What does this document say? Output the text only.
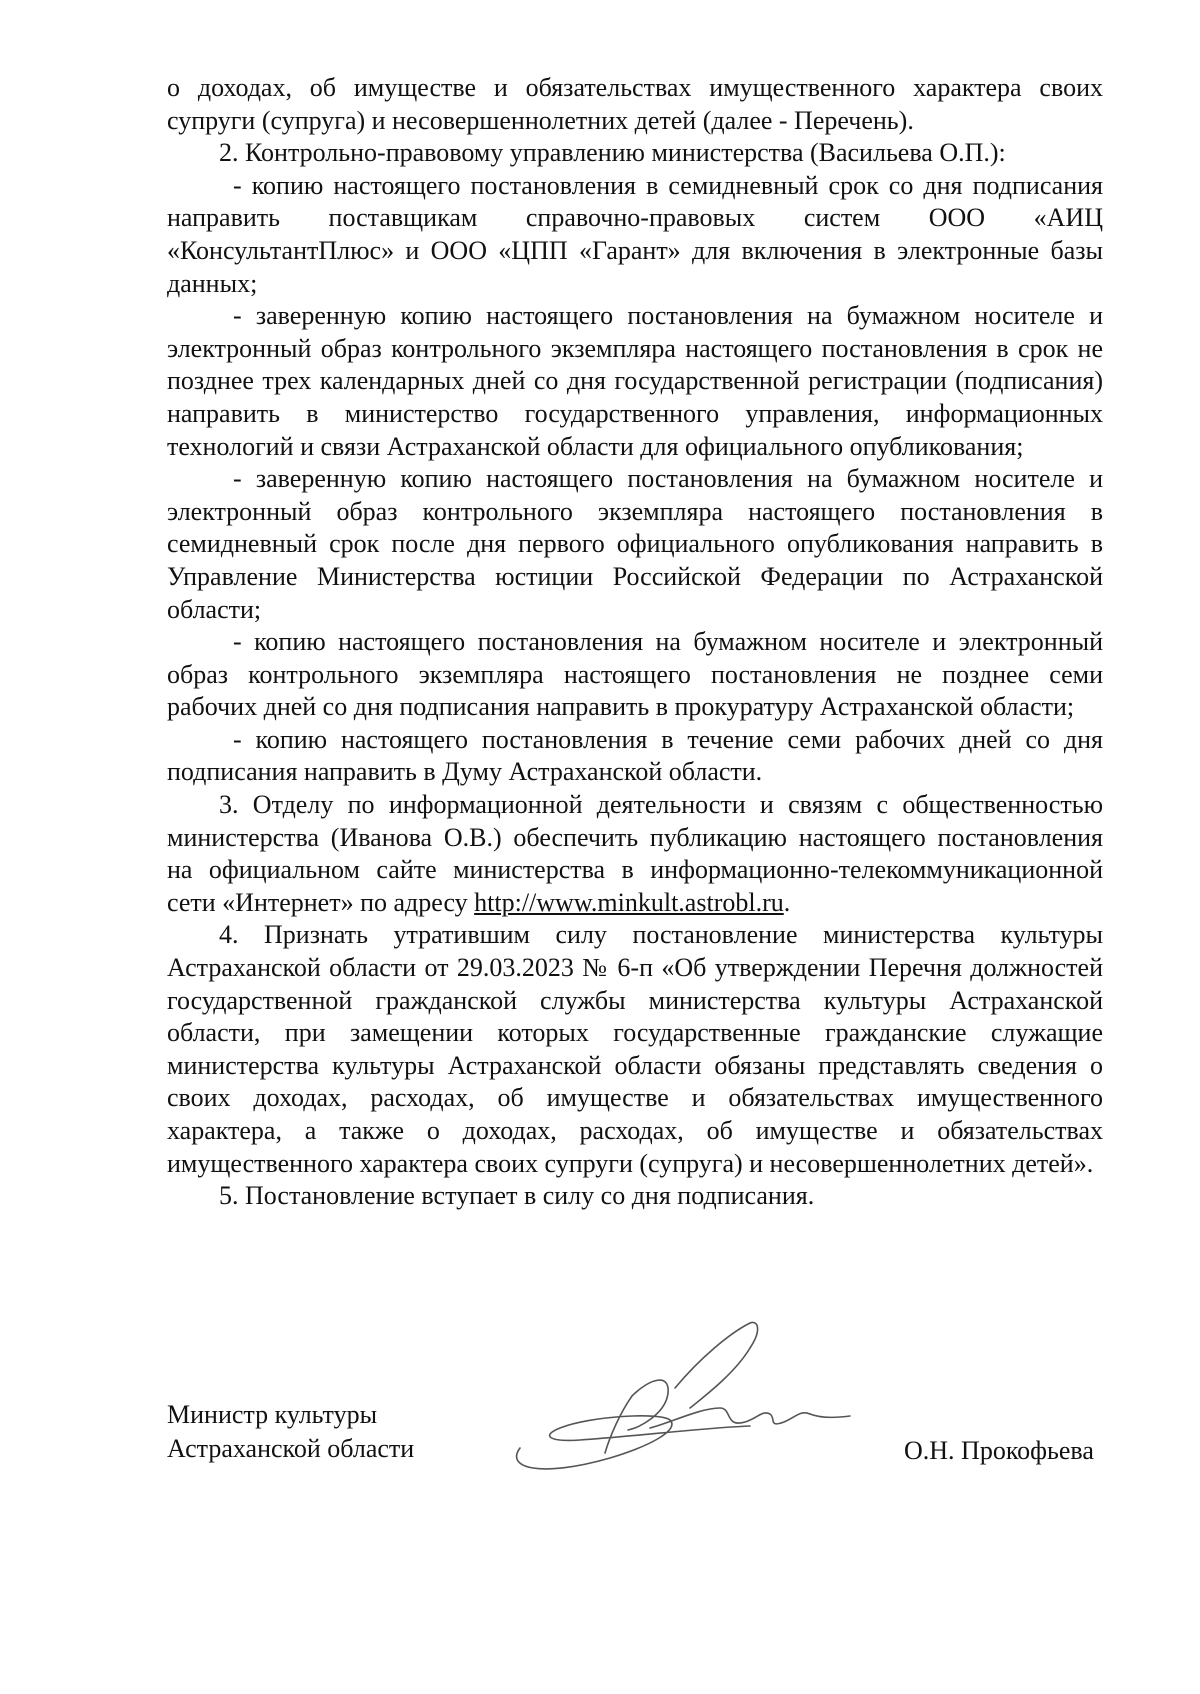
о доходах, об имуществе и обязательствах имущественного характера своих супруги (супруга) и несовершеннолетних детей (далее - Перечень).

2. Контрольно-правовому управлению министерства (Васильева О.П.):

- копию настоящего постановления в семидневный срок со дня подписания направить поставщикам справочно-правовых систем ООО «АИЦ «КонсультантПлюс» и ООО «ЦПП «Гарант» для включения в электронные базы данных;

- заверенную копию настоящего постановления на бумажном носителе и электронный образ контрольного экземпляра настоящего постановления в срок не позднее трех календарных дней со дня государственной регистрации (подписания) направить в министерство государственного управления, информационных технологий и связи Астраханской области для официального опубликования;

- заверенную копию настоящего постановления на бумажном носителе и электронный образ контрольного экземпляра настоящего постановления в семидневный срок после дня первого официального опубликования направить в Управление Министерства юстиции Российской Федерации по Астраханской области;

- копию настоящего постановления на бумажном носителе и электронный образ контрольного экземпляра настоящего постановления не позднее семи рабочих дней со дня подписания направить в прокуратуру Астраханской области;

- копию настоящего постановления в течение семи рабочих дней со дня подписания направить в Думу Астраханской области.

3. Отделу по информационной деятельности и связям с общественностью министерства (Иванова О.В.) обеспечить публикацию настоящего постановления на официальном сайте министерства в информационно-телекоммуникационной сети «Интернет» по адресу http://www.minkult.astrobl.ru.

4. Признать утратившим силу постановление министерства культуры Астраханской области от 29.03.2023 № 6-п «Об утверждении Перечня должностей государственной гражданской службы министерства культуры Астраханской области, при замещении которых государственные гражданские служащие министерства культуры Астраханской области обязаны представлять сведения о своих доходах, расходах, об имуществе и обязательствах имущественного характера, а также о доходах, расходах, об имуществе и обязательствах имущественного характера своих супруги (супруга) и несовершеннолетних детей».

5. Постановление вступает в силу со дня подписания.

Министр культуры
Астраханской области	О.Н. Прокофьева
